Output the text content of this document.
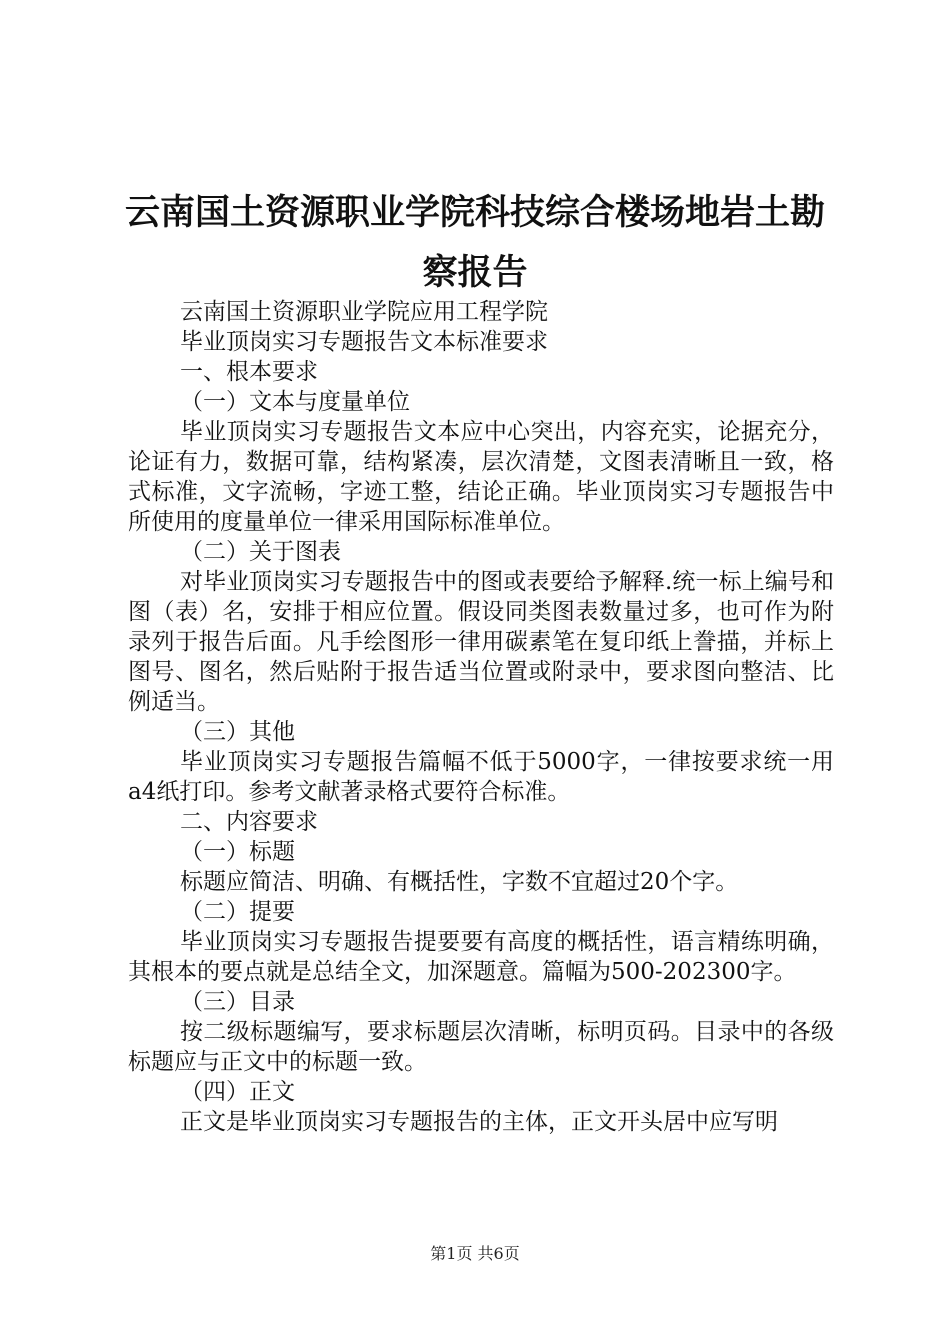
云南国土资源职业学院科技综合楼场地岩土勘察报告

云南国土资源职业学院应用工程学院

毕业顶岗实习专题报告文本标准要求

一、根本要求

（一）文本与度量单位

毕业顶岗实习专题报告文本应中心突出，内容充实，论据充分，论证有力，数据可靠，结构紧凑，层次清楚，文图表清晰且一致，格式标准，文字流畅，字迹工整，结论正确。毕业顶岗实习专题报告中所使用的度量单位一律采用国际标准单位。

（二）关于图表

对毕业顶岗实习专题报告中的图或表要给予解释.统一标上编号和图（表）名，安排于相应位置。假设同类图表数量过多，也可作为附录列于报告后面。凡手绘图形一律用碳素笔在复印纸上誊描，并标上图号、图名，然后贴附于报告适当位置或附录中，要求图向整洁、比例适当。

（三）其他

毕业顶岗实习专题报告篇幅不低于5000字，一律按要求统一用a4纸打印。参考文献著录格式要符合标准。

二、内容要求

（一）标题

标题应简洁、明确、有概括性，字数不宜超过20个字。

（二）提要

毕业顶岗实习专题报告提要要有高度的概括性，语言精练明确，其根本的要点就是总结全文，加深题意。篇幅为500-202300字。

（三）目录

按二级标题编写，要求标题层次清晰，标明页码。目录中的各级标题应与正文中的标题一致。

（四）正文

正文是毕业顶岗实习专题报告的主体，正文开头居中应写明

第1页 共6页
